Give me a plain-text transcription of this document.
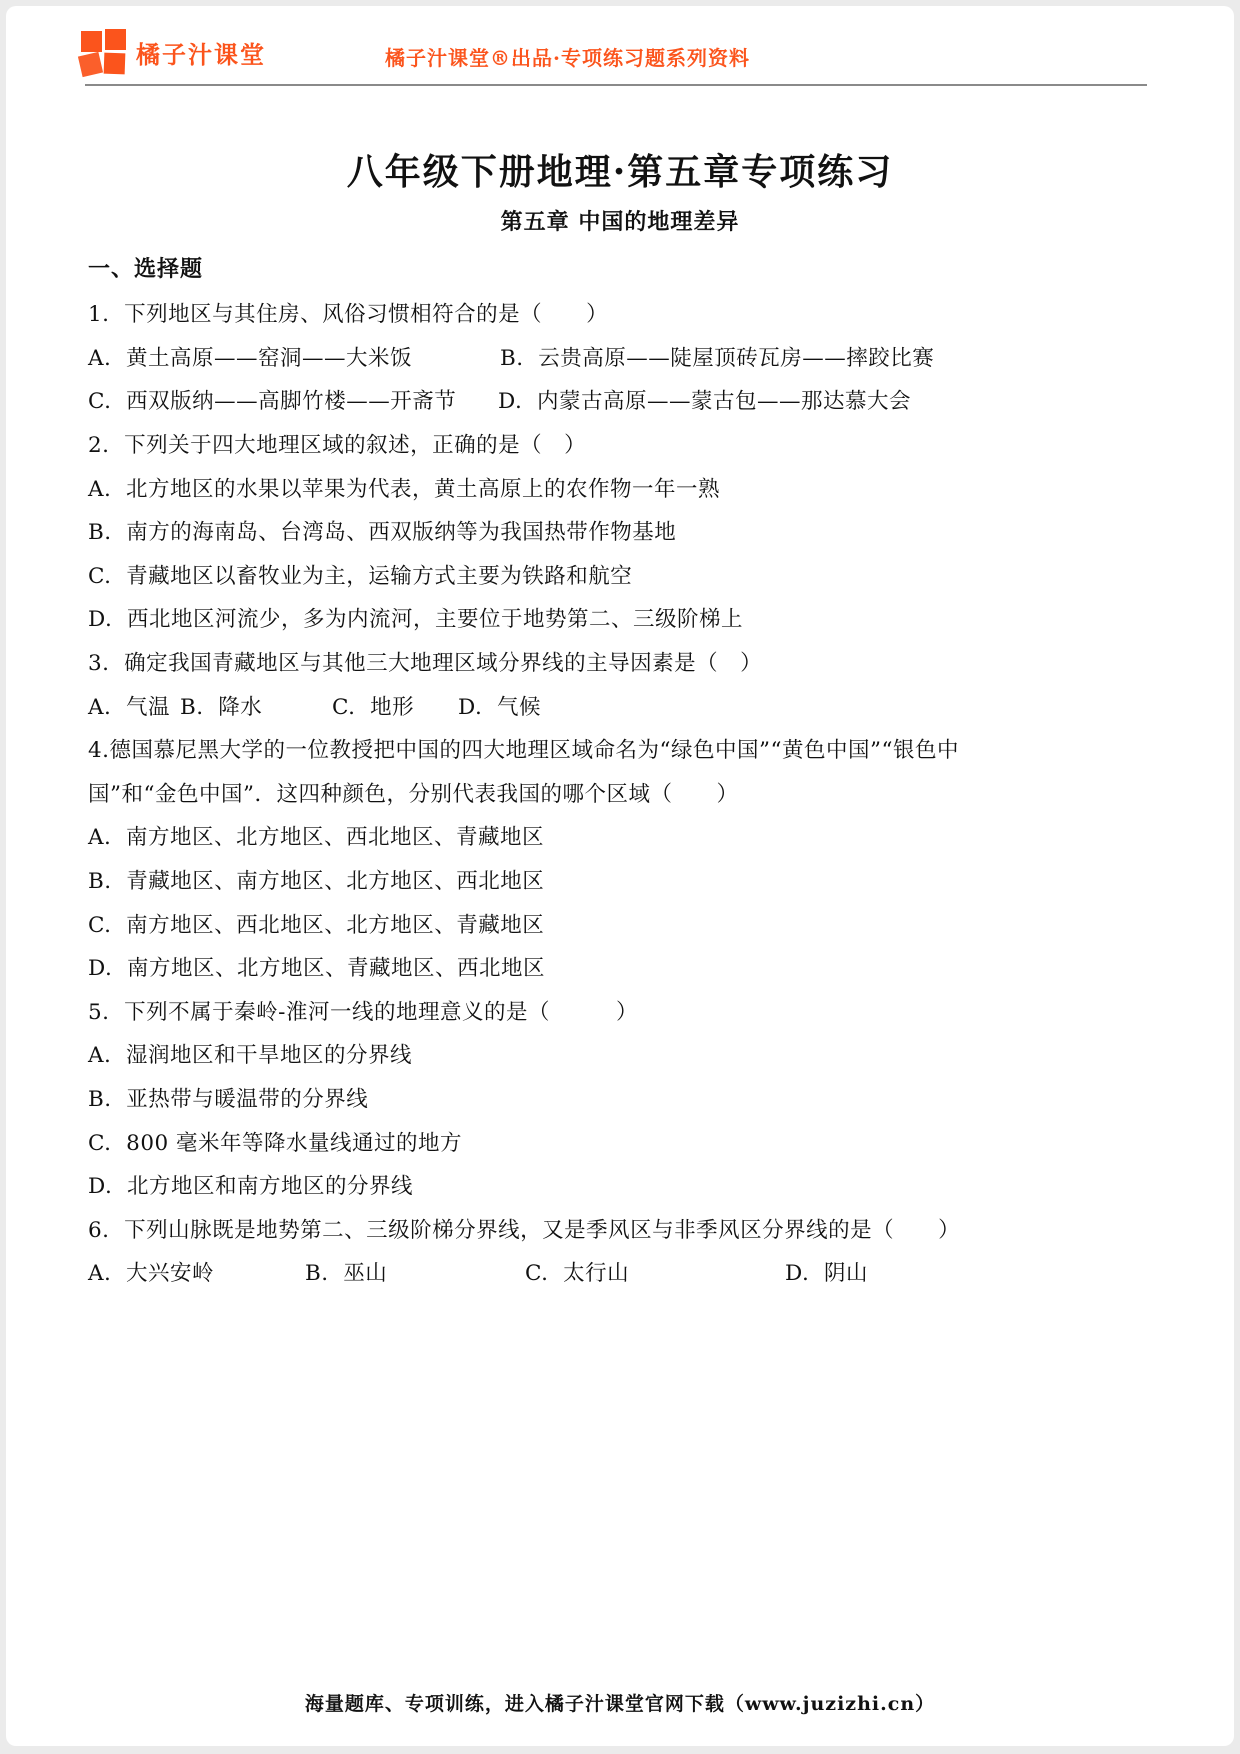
橘子汁课堂	橘子汁课堂®出品·专项练习题系列资料
八年级下册地理·第五章专项练习
第五章 中国的地理差异
一、选择题
1.  下列地区与其住房、风俗习惯相符合的是（　　）
A.  黄土高原——窑洞——大米饭	B.  云贵高原——陡屋顶砖瓦房——摔跤比赛
C.  西双版纳——高脚竹楼——开斋节	D.  内蒙古高原——蒙古包——那达慕大会
2.  下列关于四大地理区域的叙述，正确的是（　）
A.  北方地区的水果以苹果为代表，黄土高原上的农作物一年一熟
B.  南方的海南岛、台湾岛、西双版纳等为我国热带作物基地
C.  青藏地区以畜牧业为主，运输方式主要为铁路和航空
D.  西北地区河流少，多为内流河，主要位于地势第二、三级阶梯上
3.  确定我国青藏地区与其他三大地理区域分界线的主导因素是（　）
A.  气温 B.  降水	C.  地形	D.  气候
4.德国慕尼黑大学的一位教授把中国的四大地理区域命名为“绿色中国”“黄色中国”“银色中
国”和“金色中国”．这四种颜色，分别代表我国的哪个区域（　　）
A.  南方地区、北方地区、西北地区、青藏地区
B.  青藏地区、南方地区、北方地区、西北地区
C.  南方地区、西北地区、北方地区、青藏地区
D.  南方地区、北方地区、青藏地区、西北地区
5.  下列不属于秦岭-淮河一线的地理意义的是（　　　）
A.  湿润地区和干旱地区的分界线
B.  亚热带与暖温带的分界线
C.  800 毫米年等降水量线通过的地方
D.  北方地区和南方地区的分界线
6.  下列山脉既是地势第二、三级阶梯分界线，又是季风区与非季风区分界线的是（　　）
A.  大兴安岭	B.  巫山	C.  太行山	D.  阴山
海量题库、专项训练，进入橘子汁课堂官网下载（www.juzizhi.cn）
